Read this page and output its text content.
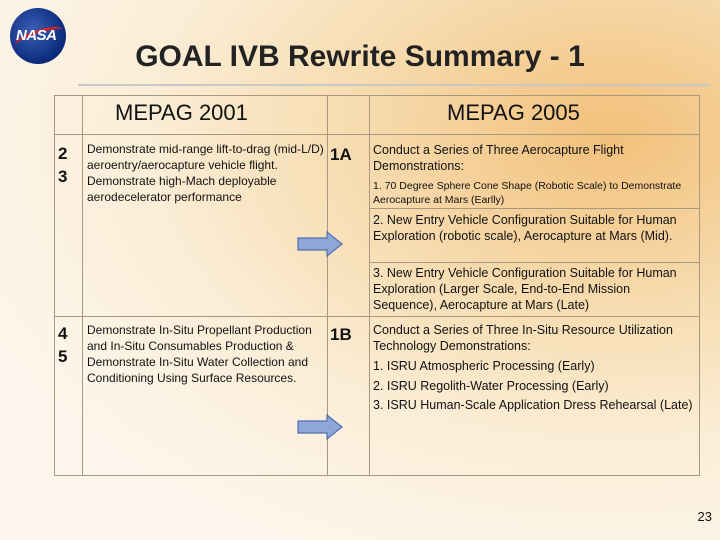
NASA
GOAL IVB Rewrite Summary - 1
MEPAG 2001	MEPAG 2005
2
3
Demonstrate mid-range lift-to-drag (mid-L/D) aeroentry/aerocapture vehicle flight. Demonstrate high-Mach deployable aerodecelerator performance
1A Conduct a Series of Three Aerocapture Flight Demonstrations:
1. 70 Degree Sphere Cone Shape (Robotic Scale) to Demonstrate Aerocapture at Mars (Earlly)
2. New Entry Vehicle Configuration Suitable for Human Exploration (robotic scale), Aerocapture at Mars (Mid).
3. New Entry Vehicle Configuration Suitable for Human Exploration (Larger Scale, End-to-End Mission Sequence), Aerocapture at Mars (Late)
4
5
Demonstrate In-Situ Propellant Production and In-Situ Consumables Production & Demonstrate In-Situ Water Collection and Conditioning Using Surface Resources.
1B Conduct a Series of Three In-Situ Resource Utilization Technology Demonstrations:
1. ISRU Atmospheric Processing (Early)
2. ISRU Regolith-Water Processing (Early)
3. ISRU Human-Scale Application Dress Rehearsal (Late)
23
